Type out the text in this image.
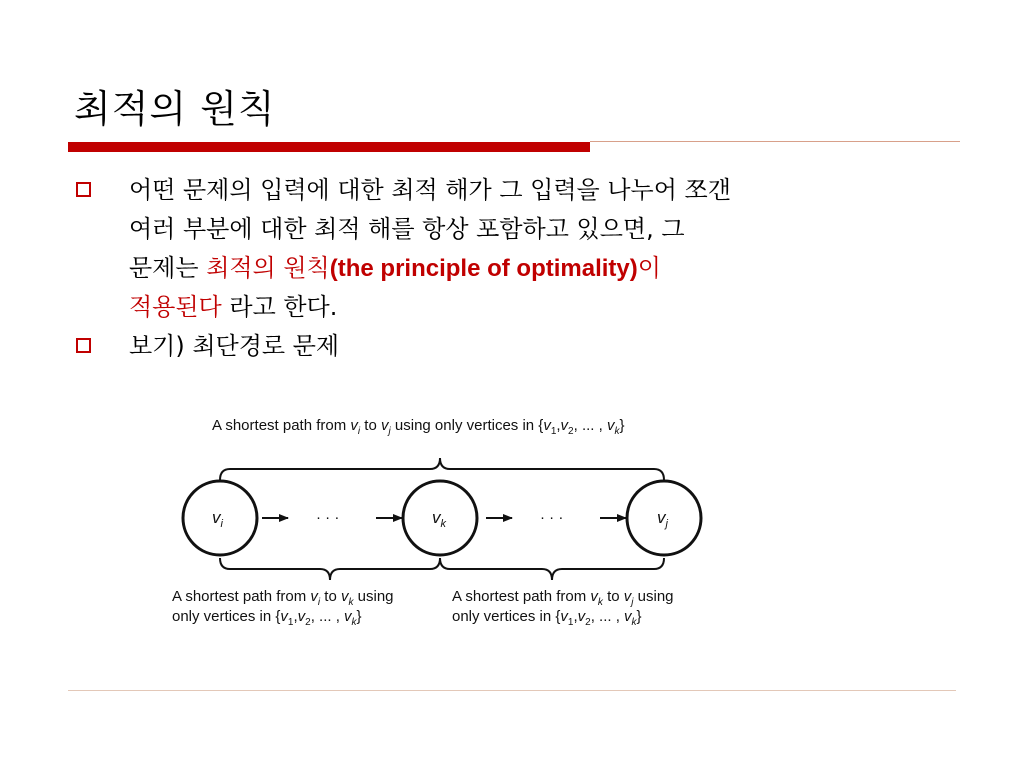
최적의 원칙
어떤 문제의 입력에 대한 최적 해가 그 입력을 나누어 쪼갠
여러 부분에 대한 최적 해를 항상 포함하고 있으면, 그
문제는 최적의 원칙(the principle of optimality)이
적용된다 라고 한다.
보기) 최단경로 문제
A shortest path from $v_i$ to $v_j$ using only vertices in {$v_1,v_2$, ... , $v_k$}
$v_i$	$v_k$	$v_j$
· · ·	· · ·
A shortest path from $v_i$ to $v_k$ using
only vertices in {$v_1,v_2$, ... , $v_k$}
A shortest path from $v_k$ to $v_j$ using
only vertices in {$v_1,v_2$, ... , $v_k$}
